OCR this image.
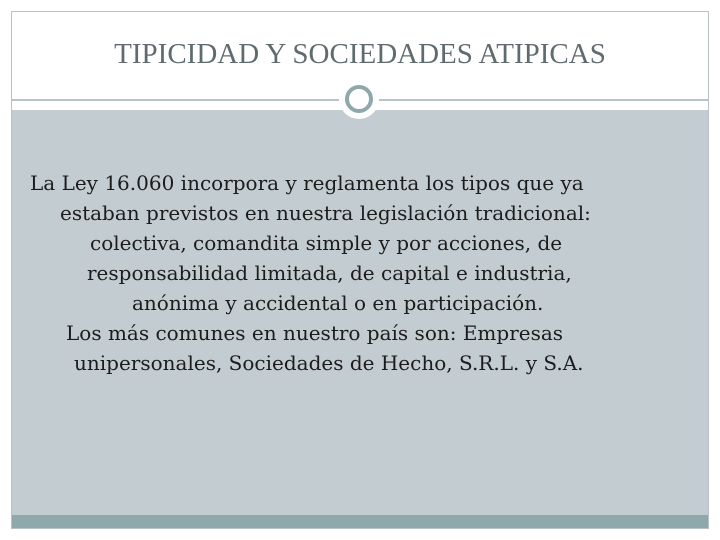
TIPICIDAD Y SOCIEDADES ATIPICAS
La Ley 16.060 incorpora y reglamenta los tipos que ya
estaban previstos en nuestra legislación tradicional:
colectiva, comandita simple y por acciones, de
responsabilidad limitada, de capital e industria,
anónima y accidental o en participación.
Los más comunes en nuestro país son: Empresas
unipersonales, Sociedades de Hecho, S.R.L. y S.A.
